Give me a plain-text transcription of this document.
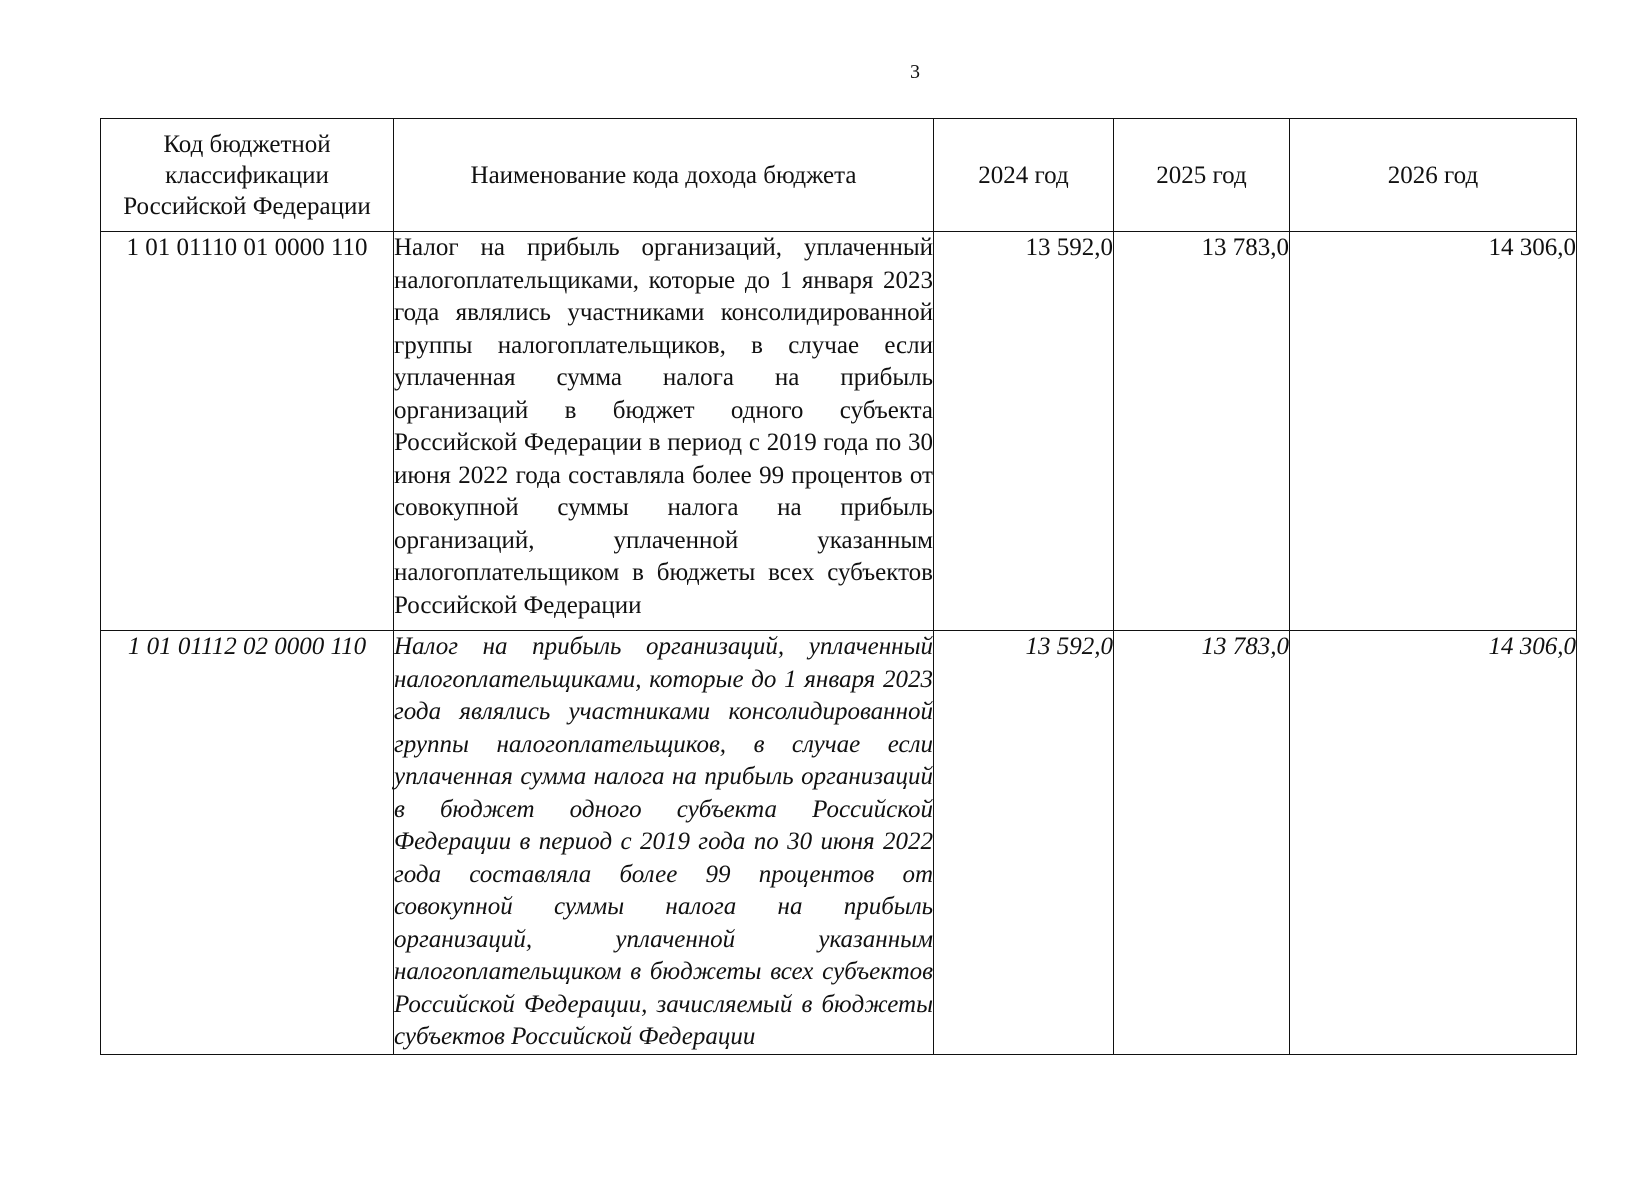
3
Код бюджетной классификации Российской Федерации	Наименование кода дохода бюджета	2024 год	2025 год	2026 год
1 01 01110 01 0000 110	Налог на прибыль организаций, уплаченный налогоплательщиками, которые до 1 января 2023 года являлись участниками консолидированной группы налогоплательщиков, в случае если уплаченная сумма налога на прибыль организаций в бюджет одного субъекта Российской Федерации в период с 2019 года по 30 июня 2022 года составляла более 99 процентов от совокупной суммы налога на прибыль организаций, уплаченной указанным налогоплательщиком в бюджеты всех субъектов Российской Федерации	13 592,0	13 783,0	14 306,0
1 01 01112 02 0000 110	Налог на прибыль организаций, уплаченный налогоплательщиками, которые до 1 января 2023 года являлись участниками консолидированной группы налогоплательщиков, в случае если уплаченная сумма налога на прибыль организаций в бюджет одного субъекта Российской Федерации в период с 2019 года по 30 июня 2022 года составляла более 99 процентов от совокупной суммы налога на прибыль организаций, уплаченной указанным налогоплательщиком в бюджеты всех субъектов Российской Федерации, зачисляемый в бюджеты субъектов Российской Федерации	13 592,0	13 783,0	14 306,0
